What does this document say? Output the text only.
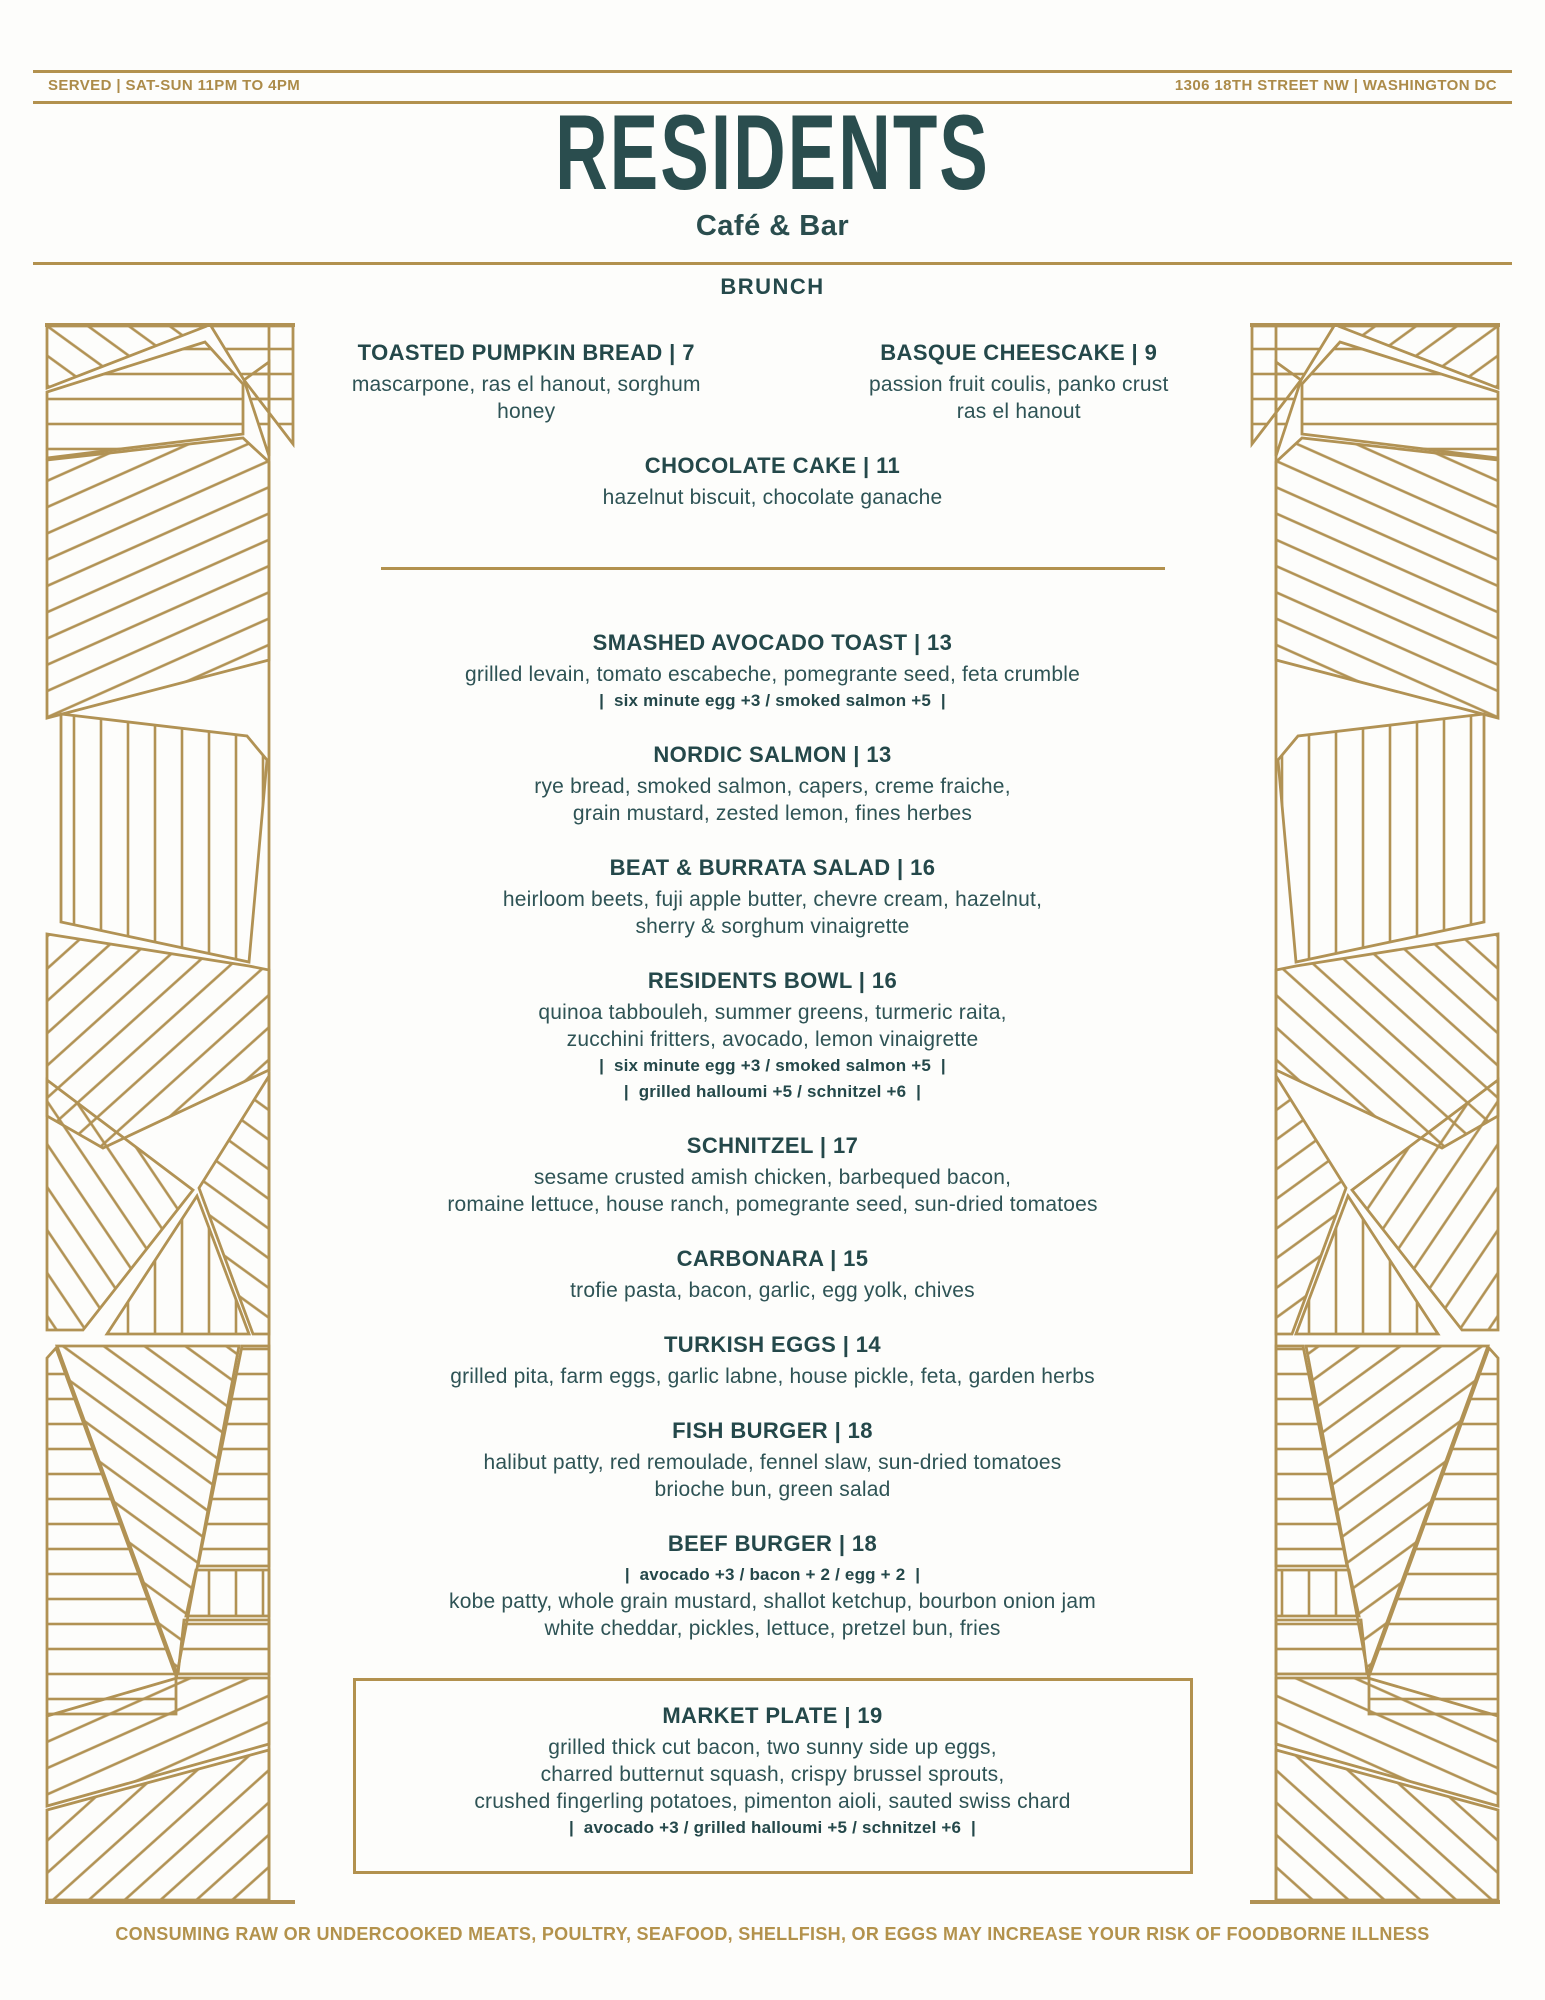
SERVED | SAT-SUN 11PM TO 4PM	1306 18TH STREET NW | WASHINGTON DC
RESIDENTS
Café & Bar
BRUNCH
TOASTED PUMPKIN BREAD | 7
mascarpone, ras el hanout, sorghum
honey
BASQUE CHEESCAKE | 9
passion fruit coulis, panko crust
ras el hanout
CHOCOLATE CAKE | 11
hazelnut biscuit, chocolate ganache
SMASHED AVOCADO TOAST | 13
grilled levain, tomato escabeche, pomegrante seed, feta crumble
|  six minute egg +3 / smoked salmon +5  |
NORDIC SALMON | 13
rye bread, smoked salmon, capers, creme fraiche,
grain mustard, zested lemon, fines herbes
BEAT & BURRATA SALAD | 16
heirloom beets, fuji apple butter, chevre cream, hazelnut,
sherry & sorghum vinaigrette
RESIDENTS BOWL | 16
quinoa tabbouleh, summer greens, turmeric raita,
zucchini fritters, avocado, lemon vinaigrette
|  six minute egg +3 / smoked salmon +5  |
|  grilled halloumi +5 / schnitzel +6  |
SCHNITZEL | 17
sesame crusted amish chicken, barbequed bacon,
romaine lettuce, house ranch, pomegrante seed, sun-dried tomatoes
CARBONARA | 15
trofie pasta, bacon, garlic, egg yolk, chives
TURKISH EGGS | 14
grilled pita, farm eggs, garlic labne, house pickle, feta, garden herbs
FISH BURGER | 18
halibut patty, red remoulade, fennel slaw, sun-dried tomatoes
brioche bun, green salad
BEEF BURGER | 18
|  avocado +3 / bacon + 2 / egg + 2  |
kobe patty, whole grain mustard, shallot ketchup, bourbon onion jam
white cheddar, pickles, lettuce, pretzel bun, fries
MARKET PLATE | 19
grilled thick cut bacon, two sunny side up eggs,
charred butternut squash, crispy brussel sprouts,
crushed fingerling potatoes, pimenton aioli, sauted swiss chard
|  avocado +3 / grilled halloumi +5 / schnitzel +6  |
CONSUMING RAW OR UNDERCOOKED MEATS, POULTRY, SEAFOOD, SHELLFISH, OR EGGS MAY INCREASE YOUR RISK OF FOODBORNE ILLNESS
